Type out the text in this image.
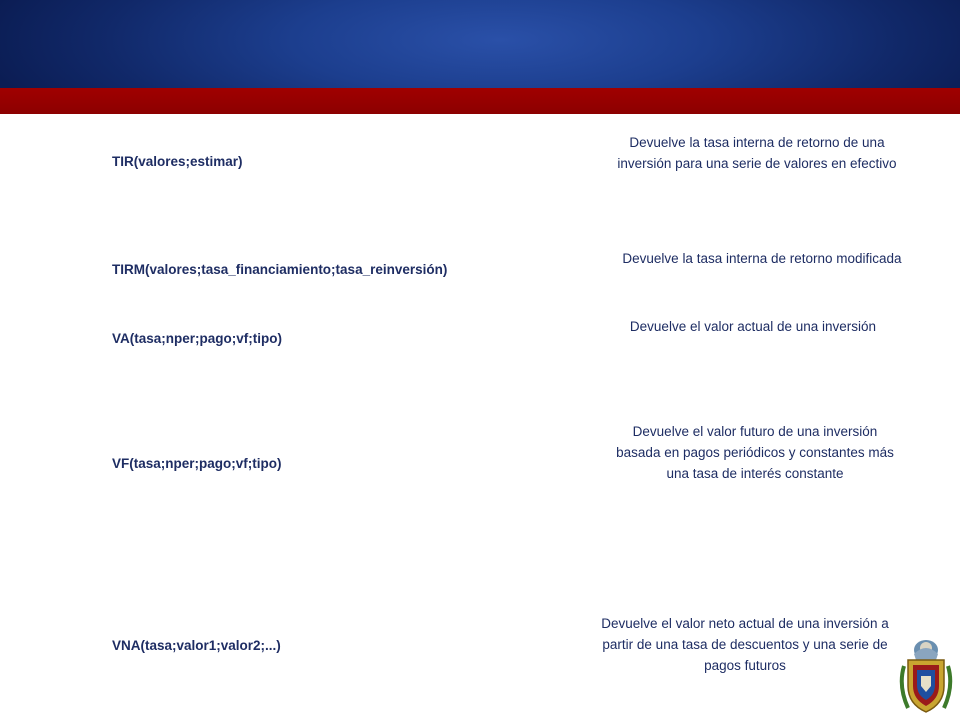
TIR(valores;estimar)
Devuelve la tasa interna de retorno de una inversión para una serie de valores en efectivo
TIRM(valores;tasa_financiamiento;tasa_reinversión)
Devuelve la tasa interna de retorno modificada
VA(tasa;nper;pago;vf;tipo)
Devuelve el valor actual de una inversión
VF(tasa;nper;pago;vf;tipo)
Devuelve el valor futuro de una inversión basada en pagos periódicos y constantes más una tasa de interés constante
VNA(tasa;valor1;valor2;...)
Devuelve el valor neto actual de una inversión a partir de una tasa de descuentos y una serie de pagos futuros
